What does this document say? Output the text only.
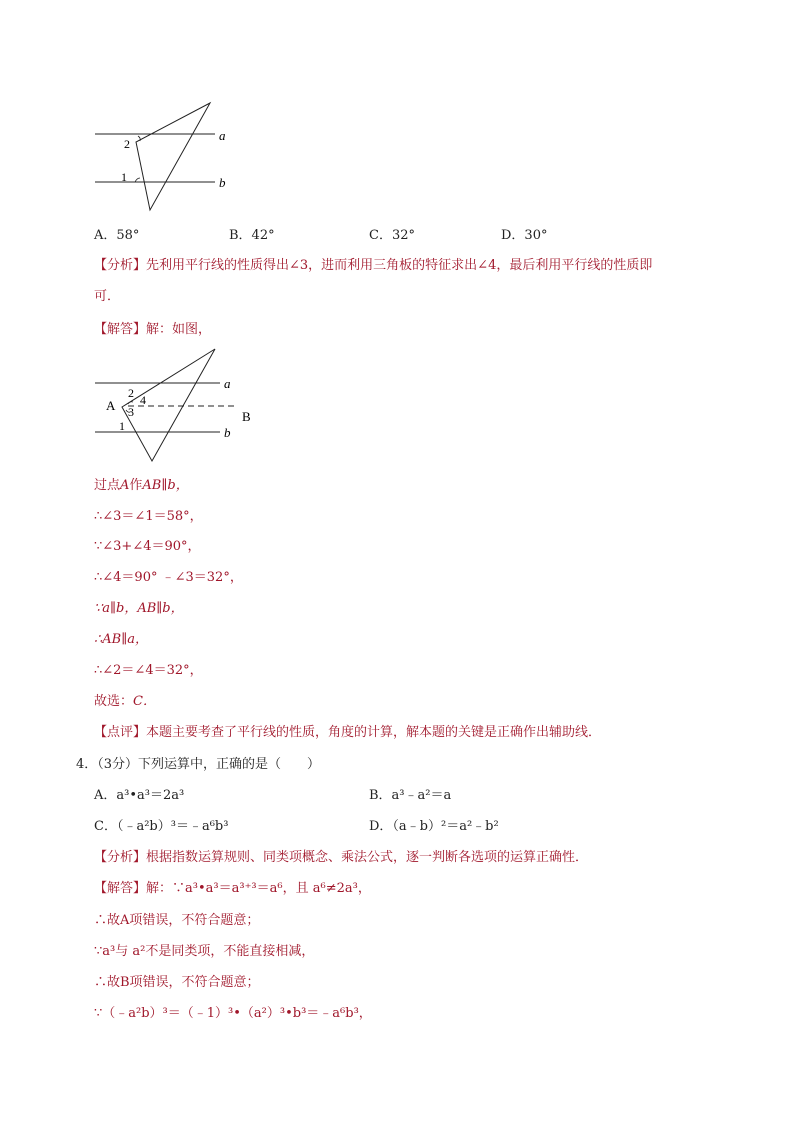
a
b
2
1
A．58°	B．42°	C．32°	D．30°
【分析】先利用平行线的性质得出∠3，进而利用三角板的特征求出∠4，最后利用平行线的性质即
可．
【解答】解：如图，
a
b
A
B
2 4
3
1
过点A作AB∥b，
∴∠3＝∠1＝58°，
∵∠3+∠4＝90°，
∴∠4＝90° ﹣∠3＝32°，
∵a∥b，AB∥b，
∴AB∥a，
∴∠2＝∠4＝32°，
故选：C．
【点评】本题主要考查了平行线的性质，角度的计算，解本题的关键是正确作出辅助线．
4．（3分）下列运算中，正确的是（　　）
A．a³•a³＝2a³	B．a³﹣a²＝a
C．（﹣a²b）³＝﹣a⁶b³	D．（a﹣b）²＝a²﹣b²
【分析】根据指数运算规则、同类项概念、乘法公式，逐一判断各选项的运算正确性．
【解答】解：∵a³•a³＝a³⁺³＝a⁶，且 a⁶≠2a³，
∴故A项错误，不符合题意；
∵a³与 a²不是同类项，不能直接相减，
∴故B项错误，不符合题意；
∵（﹣a²b）³＝（﹣1）³•（a²）³•b³＝﹣a⁶b³，
